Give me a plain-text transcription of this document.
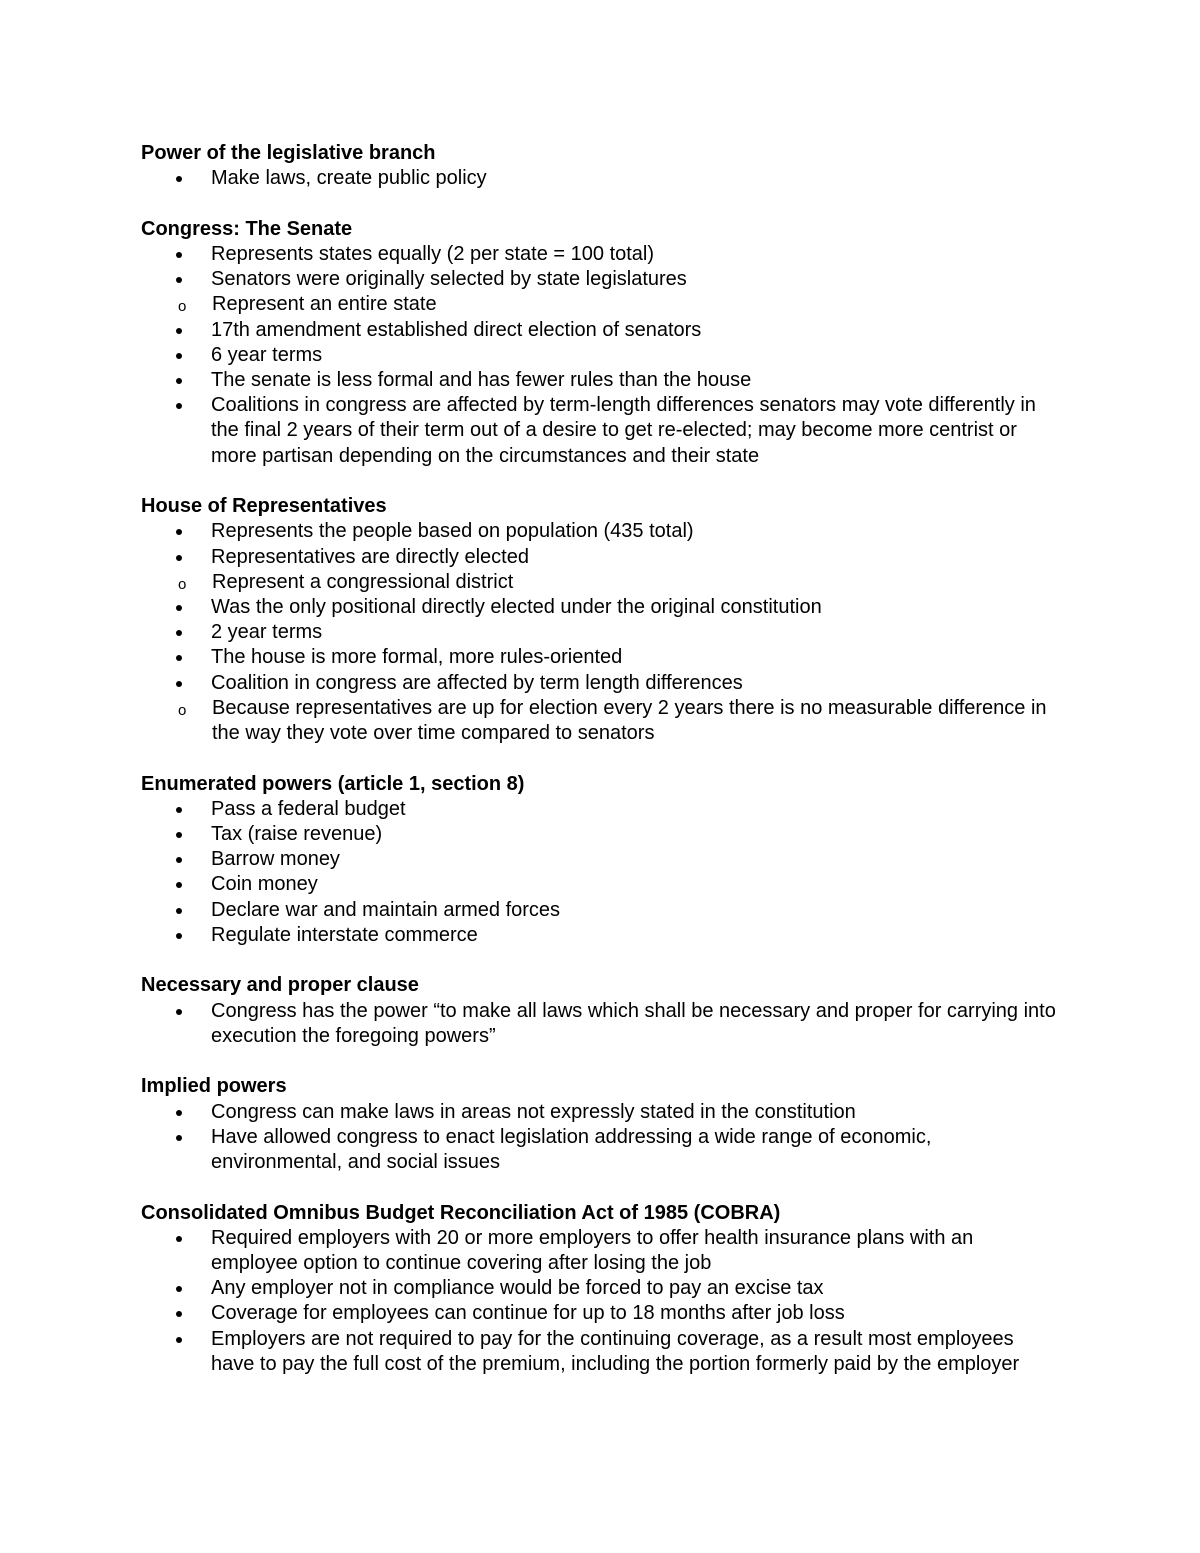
Power of the legislative branch
Make laws, create public policy
Congress: The Senate
Represents states equally (2 per state = 100 total)
Senators were originally selected by state legislatures
o Represent an entire state
17th amendment established direct election of senators
6 year terms
The senate is less formal and has fewer rules than the house
Coalitions in congress are affected by term-length differences senators may vote differently in the final 2 years of their term out of a desire to get re-elected; may become more centrist or more partisan depending on the circumstances and their state
House of Representatives
Represents the people based on population (435 total)
Representatives are directly elected
o Represent a congressional district
Was the only positional directly elected under the original constitution
2 year terms
The house is more formal, more rules-oriented
Coalition in congress are affected by term length differences
o Because representatives are up for election every 2 years there is no measurable difference in the way they vote over time compared to senators
Enumerated powers (article 1, section 8)
Pass a federal budget
Tax (raise revenue)
Barrow money
Coin money
Declare war and maintain armed forces
Regulate interstate commerce
Necessary and proper clause
Congress has the power “to make all laws which shall be necessary and proper for carrying into execution the foregoing powers”
Implied powers
Congress can make laws in areas not expressly stated in the constitution
Have allowed congress to enact legislation addressing a wide range of economic, environmental, and social issues
Consolidated Omnibus Budget Reconciliation Act of 1985 (COBRA)
Required employers with 20 or more employers to offer health insurance plans with an employee option to continue covering after losing the job
Any employer not in compliance would be forced to pay an excise tax
Coverage for employees can continue for up to 18 months after job loss
Employers are not required to pay for the continuing coverage, as a result most employees have to pay the full cost of the premium, including the portion formerly paid by the employer
